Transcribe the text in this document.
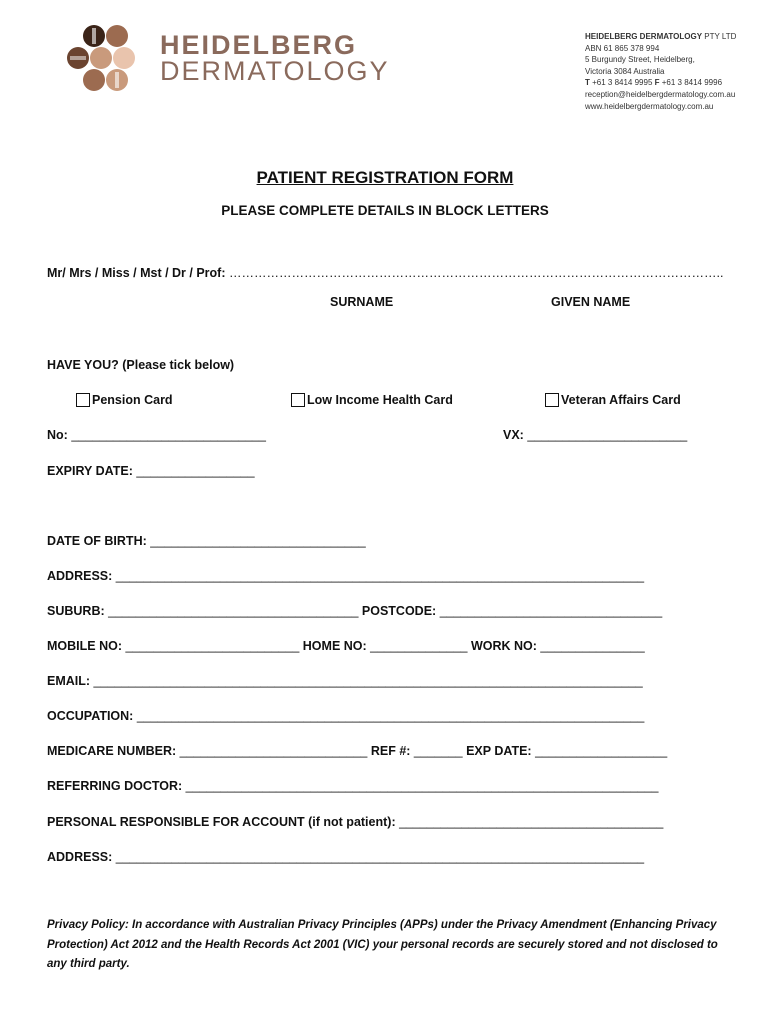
HEIDELBERG
DERMATOLOGY
HEIDELBERG DERMATOLOGY PTY LTD
ABN 61 865 378 994
5 Burgundy Street, Heidelberg,
Victoria 3084 Australia
T +61 3 8414 9995 F +61 3 8414 9996
reception@heidelbergdermatology.com.au
www.heidelbergdermatology.com.au
PATIENT REGISTRATION FORM
PLEASE COMPLETE DETAILS IN BLOCK LETTERS
Mr/ Mrs / Miss / Mst / Dr / Prof: ………………………………………………………………………………………………………..
SURNAME	GIVEN NAME
HAVE YOU? (Please tick below)
Pension Card	Low Income Health Card	Veteran Affairs Card
No: ____________________________	VX: _______________________
EXPIRY DATE: _________________
DATE OF BIRTH: _______________________________
ADDRESS: ____________________________________________________________________________
SUBURB: ____________________________________ POSTCODE: ________________________________
MOBILE NO: _________________________ HOME NO: ______________ WORK NO: _______________
EMAIL: _______________________________________________________________________________
OCCUPATION: _________________________________________________________________________
MEDICARE NUMBER: ___________________________ REF #: _______ EXP DATE: ___________________
REFERRING DOCTOR: ____________________________________________________________________
PERSONAL RESPONSIBLE FOR ACCOUNT (if not patient): ______________________________________
ADDRESS: ____________________________________________________________________________
Privacy Policy: In accordance with Australian Privacy Principles (APPs) under the Privacy Amendment (Enhancing Privacy Protection) Act 2012 and the Health Records Act 2001 (VIC) your personal records are securely stored and not disclosed to any third party.
